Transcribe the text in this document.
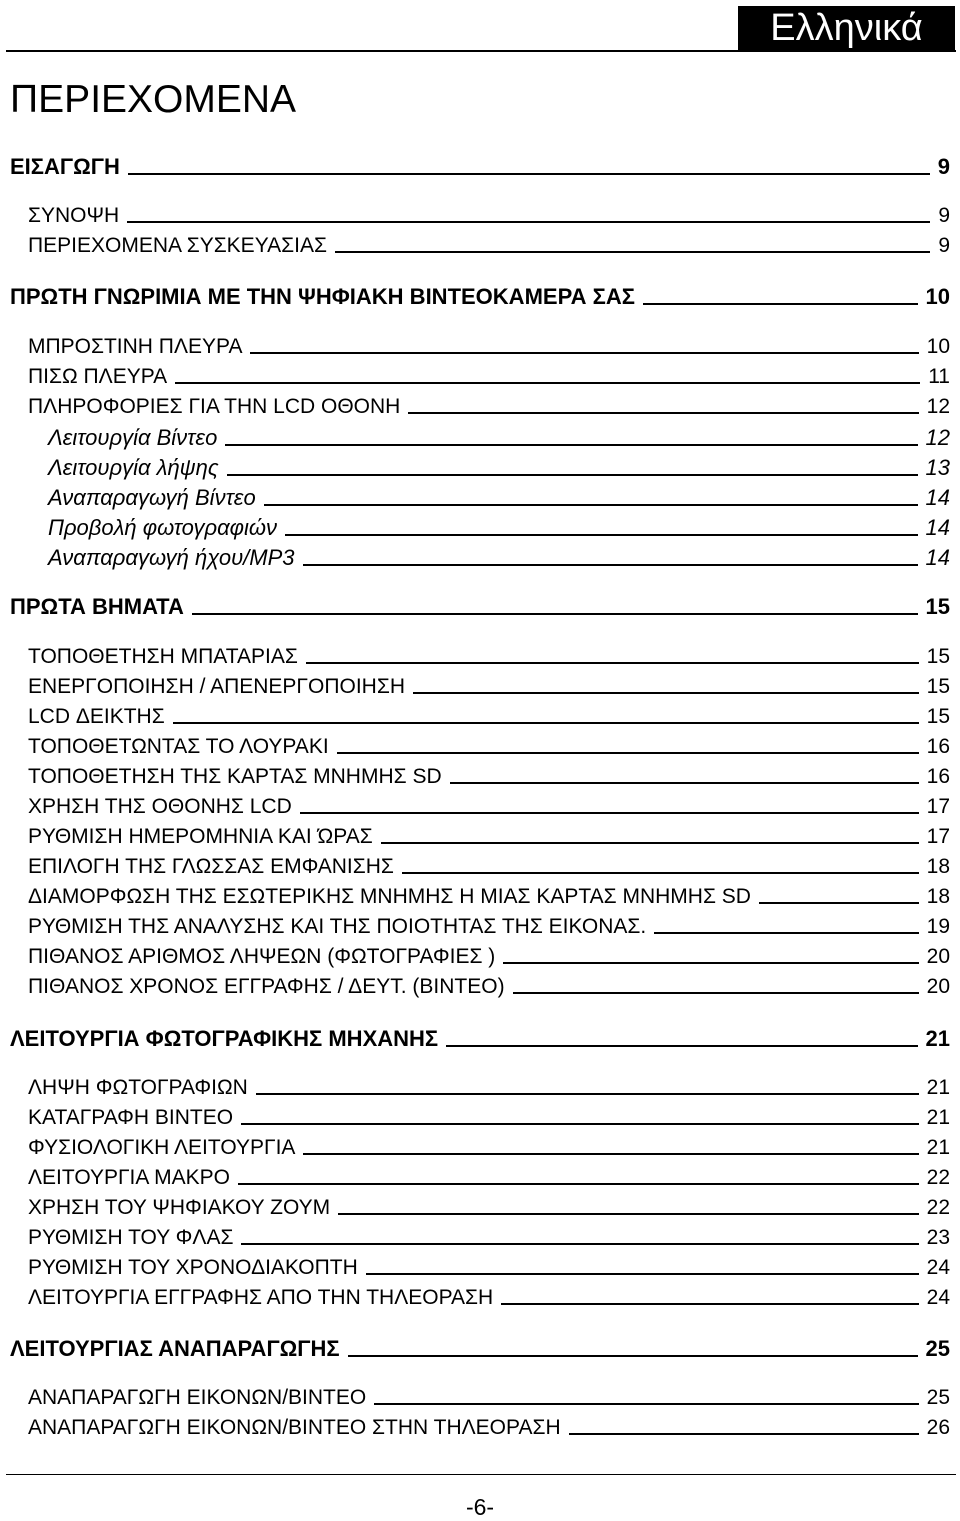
Ελληνικά
ΠΕΡΙΕΧΟΜΕΝΑ
ΕΙΣΑΓΩΓΗ	9
ΣΥΝΟΨΗ	9
ΠΕΡΙΕΧΟΜΕΝΑ ΣΥΣΚΕΥΑΣΙΑΣ	9
ΠΡΩΤΗ ΓΝΩΡΙΜΙΑ ΜΕ ΤΗΝ ΨΗΦΙΑΚΗ ΒΙΝΤΕΟΚΑΜΕΡΑ ΣΑΣ	10
ΜΠΡΟΣΤΙΝΗ ΠΛΕΥΡΑ	10
ΠΙΣΩ ΠΛΕΥΡΑ	11
ΠΛΗΡΟΦΟΡΙΕΣ ΓΙΑ ΤΗΝ LCD ΟΘΟΝΗ	12
Λειτουργία Βίντεο	12
Λειτουργία λήψης	13
Αναπαραγωγή Βίντεο	14
Προβολή φωτογραφιών	14
Αναπαραγωγή ήχου/MP3	14
ΠΡΩΤΑ ΒΗΜΑΤΑ	15
ΤΟΠΟΘΕΤΗΣΗ ΜΠΑΤΑΡΙΑΣ	15
ΕΝΕΡΓΟΠΟΙΗΣΗ / ΑΠΕΝΕΡΓΟΠΟΙΗΣΗ	15
LCD ΔΕΙΚΤΗΣ	15
ΤΟΠΟΘΕΤΩΝΤΑΣ ΤΟ ΛΟΥΡΑΚΙ	16
ΤΟΠΟΘΕΤΗΣΗ ΤΗΣ ΚΑΡΤΑΣ ΜΝΗΜΗΣ SD	16
ΧΡΗΣΗ ΤΗΣ ΟΘΟΝΗΣ LCD	17
ΡΥΘΜΙΣΗ ΗΜΕΡΟΜΗΝΙΑ ΚΑΙ ΏΡΑΣ	17
ΕΠΙΛΟΓΗ ΤΗΣ ΓΛΩΣΣΑΣ ΕΜΦΑΝΙΣΗΣ	18
ΔΙΑΜΟΡΦΩΣΗ ΤΗΣ ΕΣΩΤΕΡΙΚΗΣ ΜΝΗΜΗΣ Η ΜΙΑΣ ΚΑΡΤΑΣ ΜΝΗΜΗΣ SD	18
ΡΥΘΜΙΣΗ ΤΗΣ ΑΝΑΛΥΣΗΣ ΚΑΙ ΤΗΣ ΠΟΙΟΤΗΤΑΣ ΤΗΣ ΕΙΚΟΝΑΣ.	19
ΠΙΘΑΝΟΣ ΑΡΙΘΜΟΣ ΛΗΨΕΩΝ (ΦΩΤΟΓΡΑΦΙΕΣ )	20
ΠΙΘΑΝΟΣ ΧΡΟΝΟΣ ΕΓΓΡΑΦΗΣ / ΔΕΥΤ. (ΒΙΝΤΕΟ)	20
ΛΕΙΤΟΥΡΓΙΑ ΦΩΤΟΓΡΑΦΙΚΗΣ ΜΗΧΑΝΗΣ	21
ΛΗΨΗ ΦΩΤΟΓΡΑΦΙΩΝ	21
ΚΑΤΑΓΡΑΦΗ ΒΙΝΤΕΟ	21
ΦΥΣΙΟΛΟΓΙΚΗ ΛΕΙΤΟΥΡΓΙΑ	21
ΛΕΙΤΟΥΡΓΙΑ ΜΑΚΡΟ	22
ΧΡΗΣΗ ΤΟΥ ΨΗΦΙΑΚΟΥ ΖΟΥΜ	22
ΡΥΘΜΙΣΗ ΤΟΥ ΦΛΑΣ	23
ΡΥΘΜΙΣΗ ΤΟΥ ΧΡΟΝΟΔΙΑΚΟΠΤΗ	24
ΛΕΙΤΟΥΡΓΙΑ ΕΓΓΡΑΦΗΣ ΑΠΟ ΤΗΝ ΤΗΛΕΟΡΑΣΗ	24
ΛΕΙΤΟΥΡΓΙΑΣ ΑΝΑΠΑΡΑΓΩΓΗΣ	25
ΑΝΑΠΑΡΑΓΩΓΗ ΕΙΚΟΝΩΝ/ΒΙΝΤΕΟ	25
ΑΝΑΠΑΡΑΓΩΓΗ ΕΙΚΟΝΩΝ/ΒΙΝΤΕΟ ΣΤΗΝ ΤΗΛΕΟΡΑΣΗ	26
-6-
